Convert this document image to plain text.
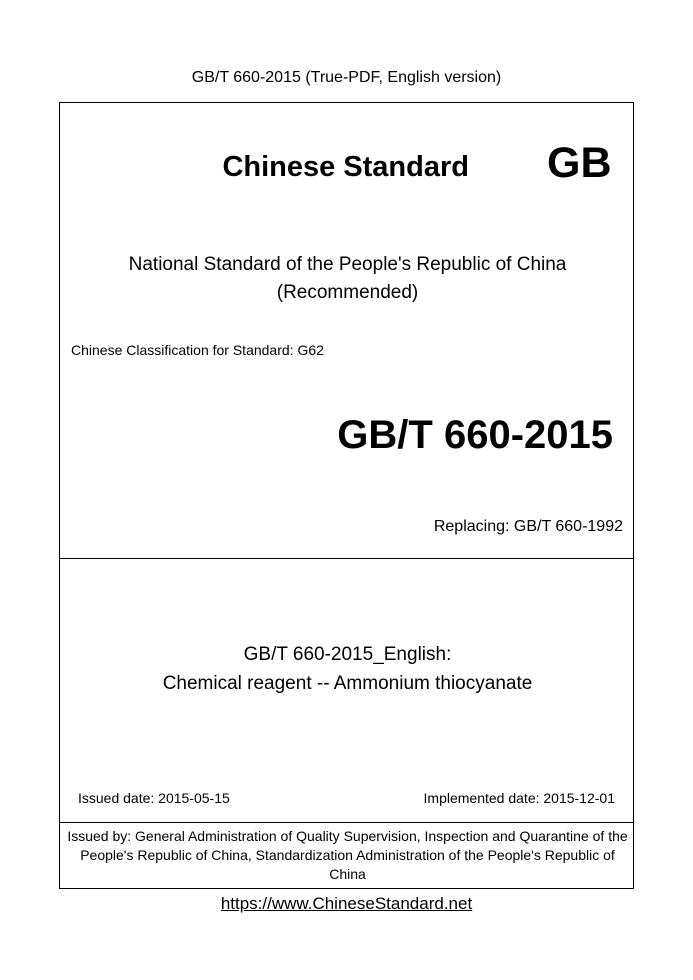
GB/T 660-2015 (True-PDF, English version)
Chinese Standard GB
National Standard of the People's Republic of China
(Recommended)
Chinese Classification for Standard: G62
GB/T 660-2015
Replacing: GB/T 660-1992
GB/T 660-2015_English:
Chemical reagent -- Ammonium thiocyanate
Issued date: 2015-05-15	Implemented date: 2015-12-01
Issued by: General Administration of Quality Supervision, Inspection and Quarantine of the People's Republic of China, Standardization Administration of the People's Republic of China
https://www.ChineseStandard.net
